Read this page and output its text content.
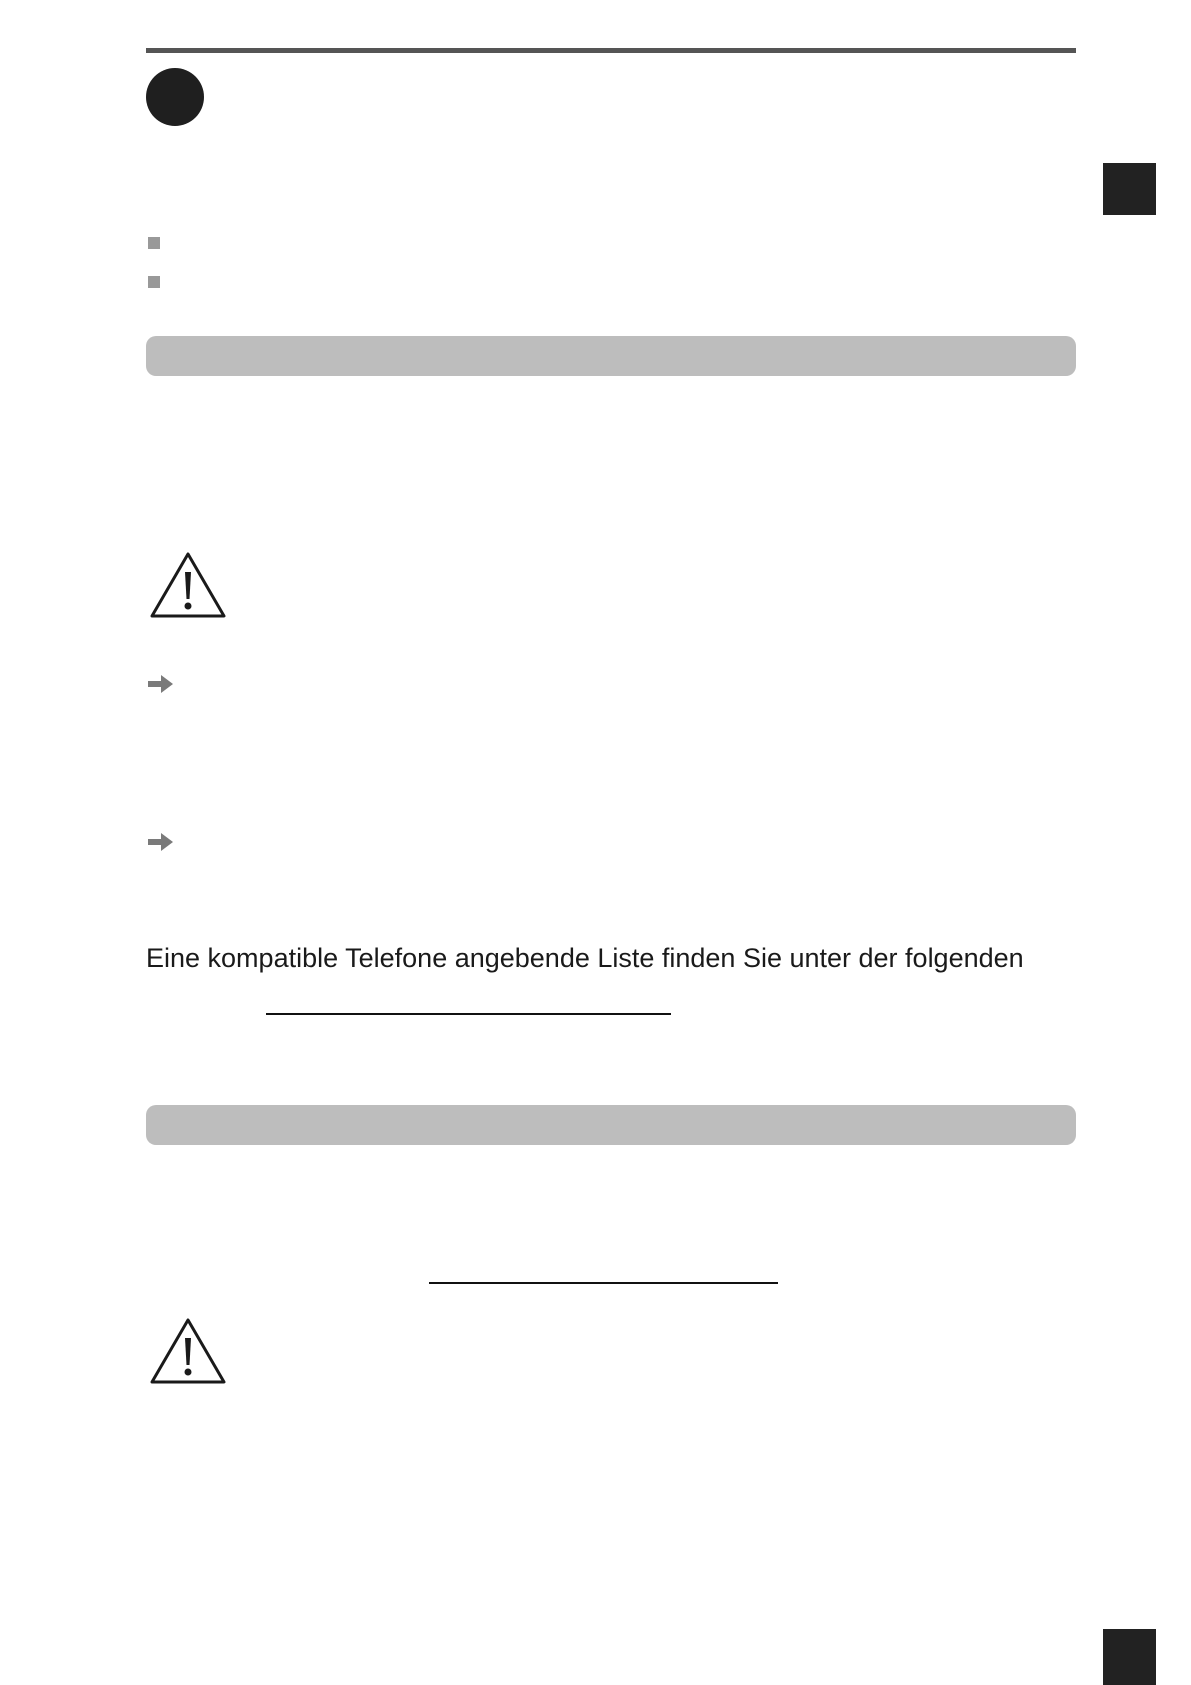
Eine kompatible Telefone angebende Liste finden Sie unter der folgenden
